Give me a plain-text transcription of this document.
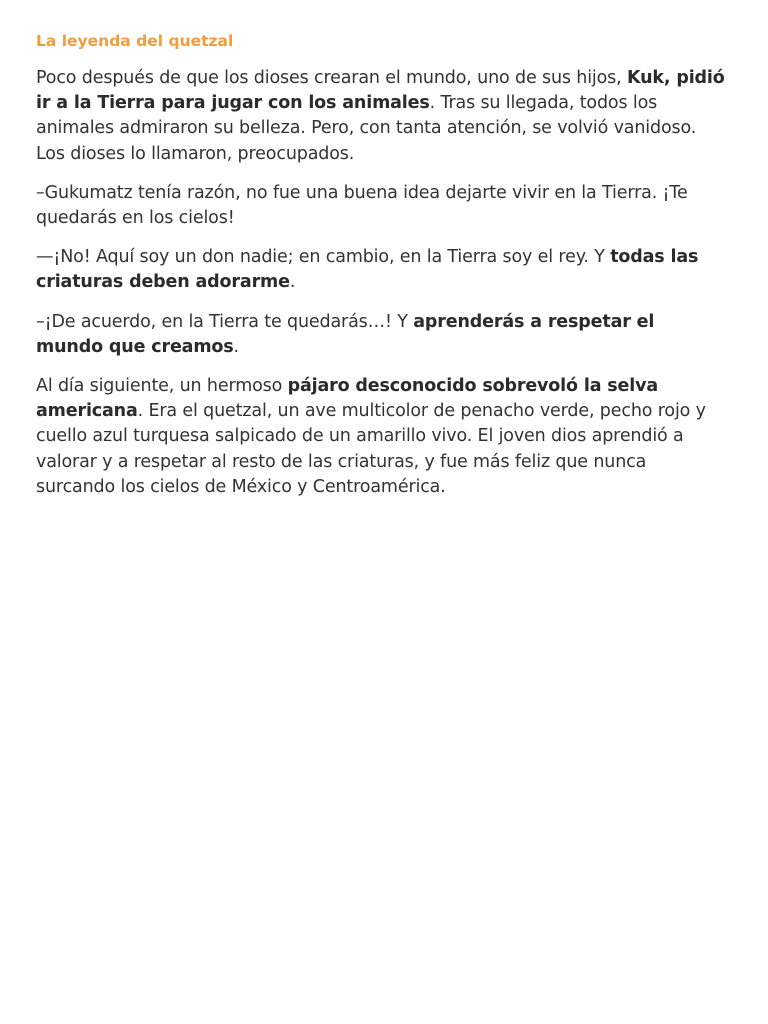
La leyenda del quetzal

Poco después de que los dioses crearan el mundo, uno de sus hijos, Kuk, pidió ir a la Tierra para jugar con los animales. Tras su llegada, todos los animales admiraron su belleza. Pero, con tanta atención, se volvió vanidoso. Los dioses lo llamaron, preocupados.

–Gukumatz tenía razón, no fue una buena idea dejarte vivir en la Tierra. ¡Te quedarás en los cielos!

—¡No! Aquí soy un don nadie; en cambio, en la Tierra soy el rey. Y todas las criaturas deben adorarme.

–¡De acuerdo, en la Tierra te quedarás…! Y aprenderás a respetar el mundo que creamos.

Al día siguiente, un hermoso pájaro desconocido sobrevoló la selva americana. Era el quetzal, un ave multicolor de penacho verde, pecho rojo y cuello azul turquesa salpicado de un amarillo vivo. El joven dios aprendió a valorar y a respetar al resto de las criaturas, y fue más feliz que nunca surcando los cielos de México y Centroamérica.
